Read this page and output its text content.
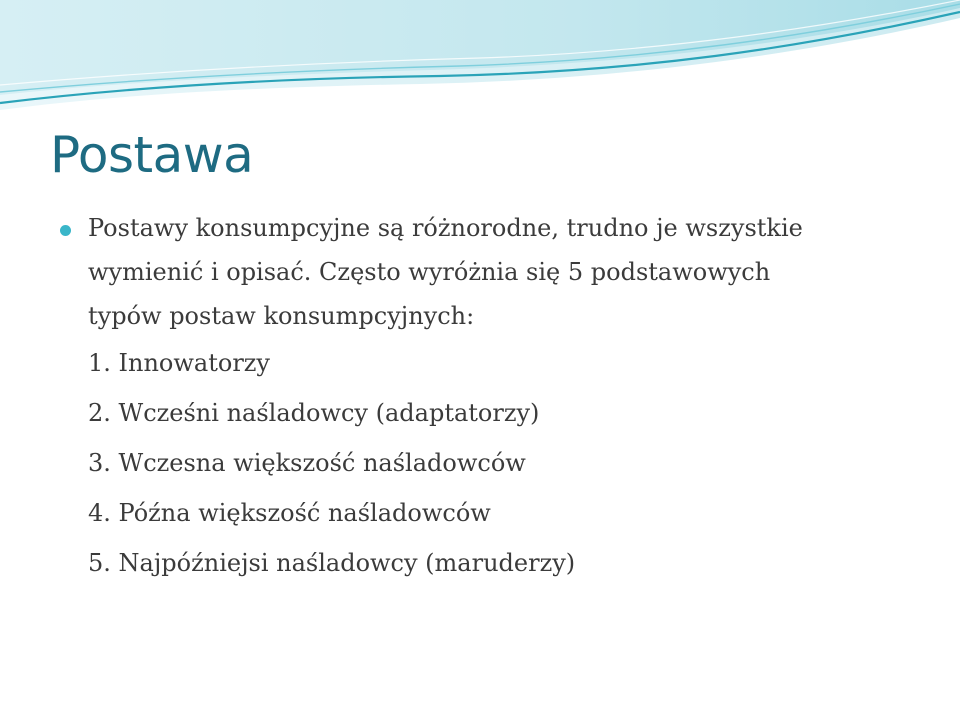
Postawa

Postawy konsumpcyjne są różnorodne, trudno je wszystkie wymienić i opisać. Często wyróżnia się 5 podstawowych typów postaw konsumpcyjnych:

1. Innowatorzy
2. Wcześni naśladowcy (adaptatorzy)
3. Wczesna większość naśladowców
4. Późna większość naśladowców
5. Najpóźniejsi naśladowcy (maruderzy)
